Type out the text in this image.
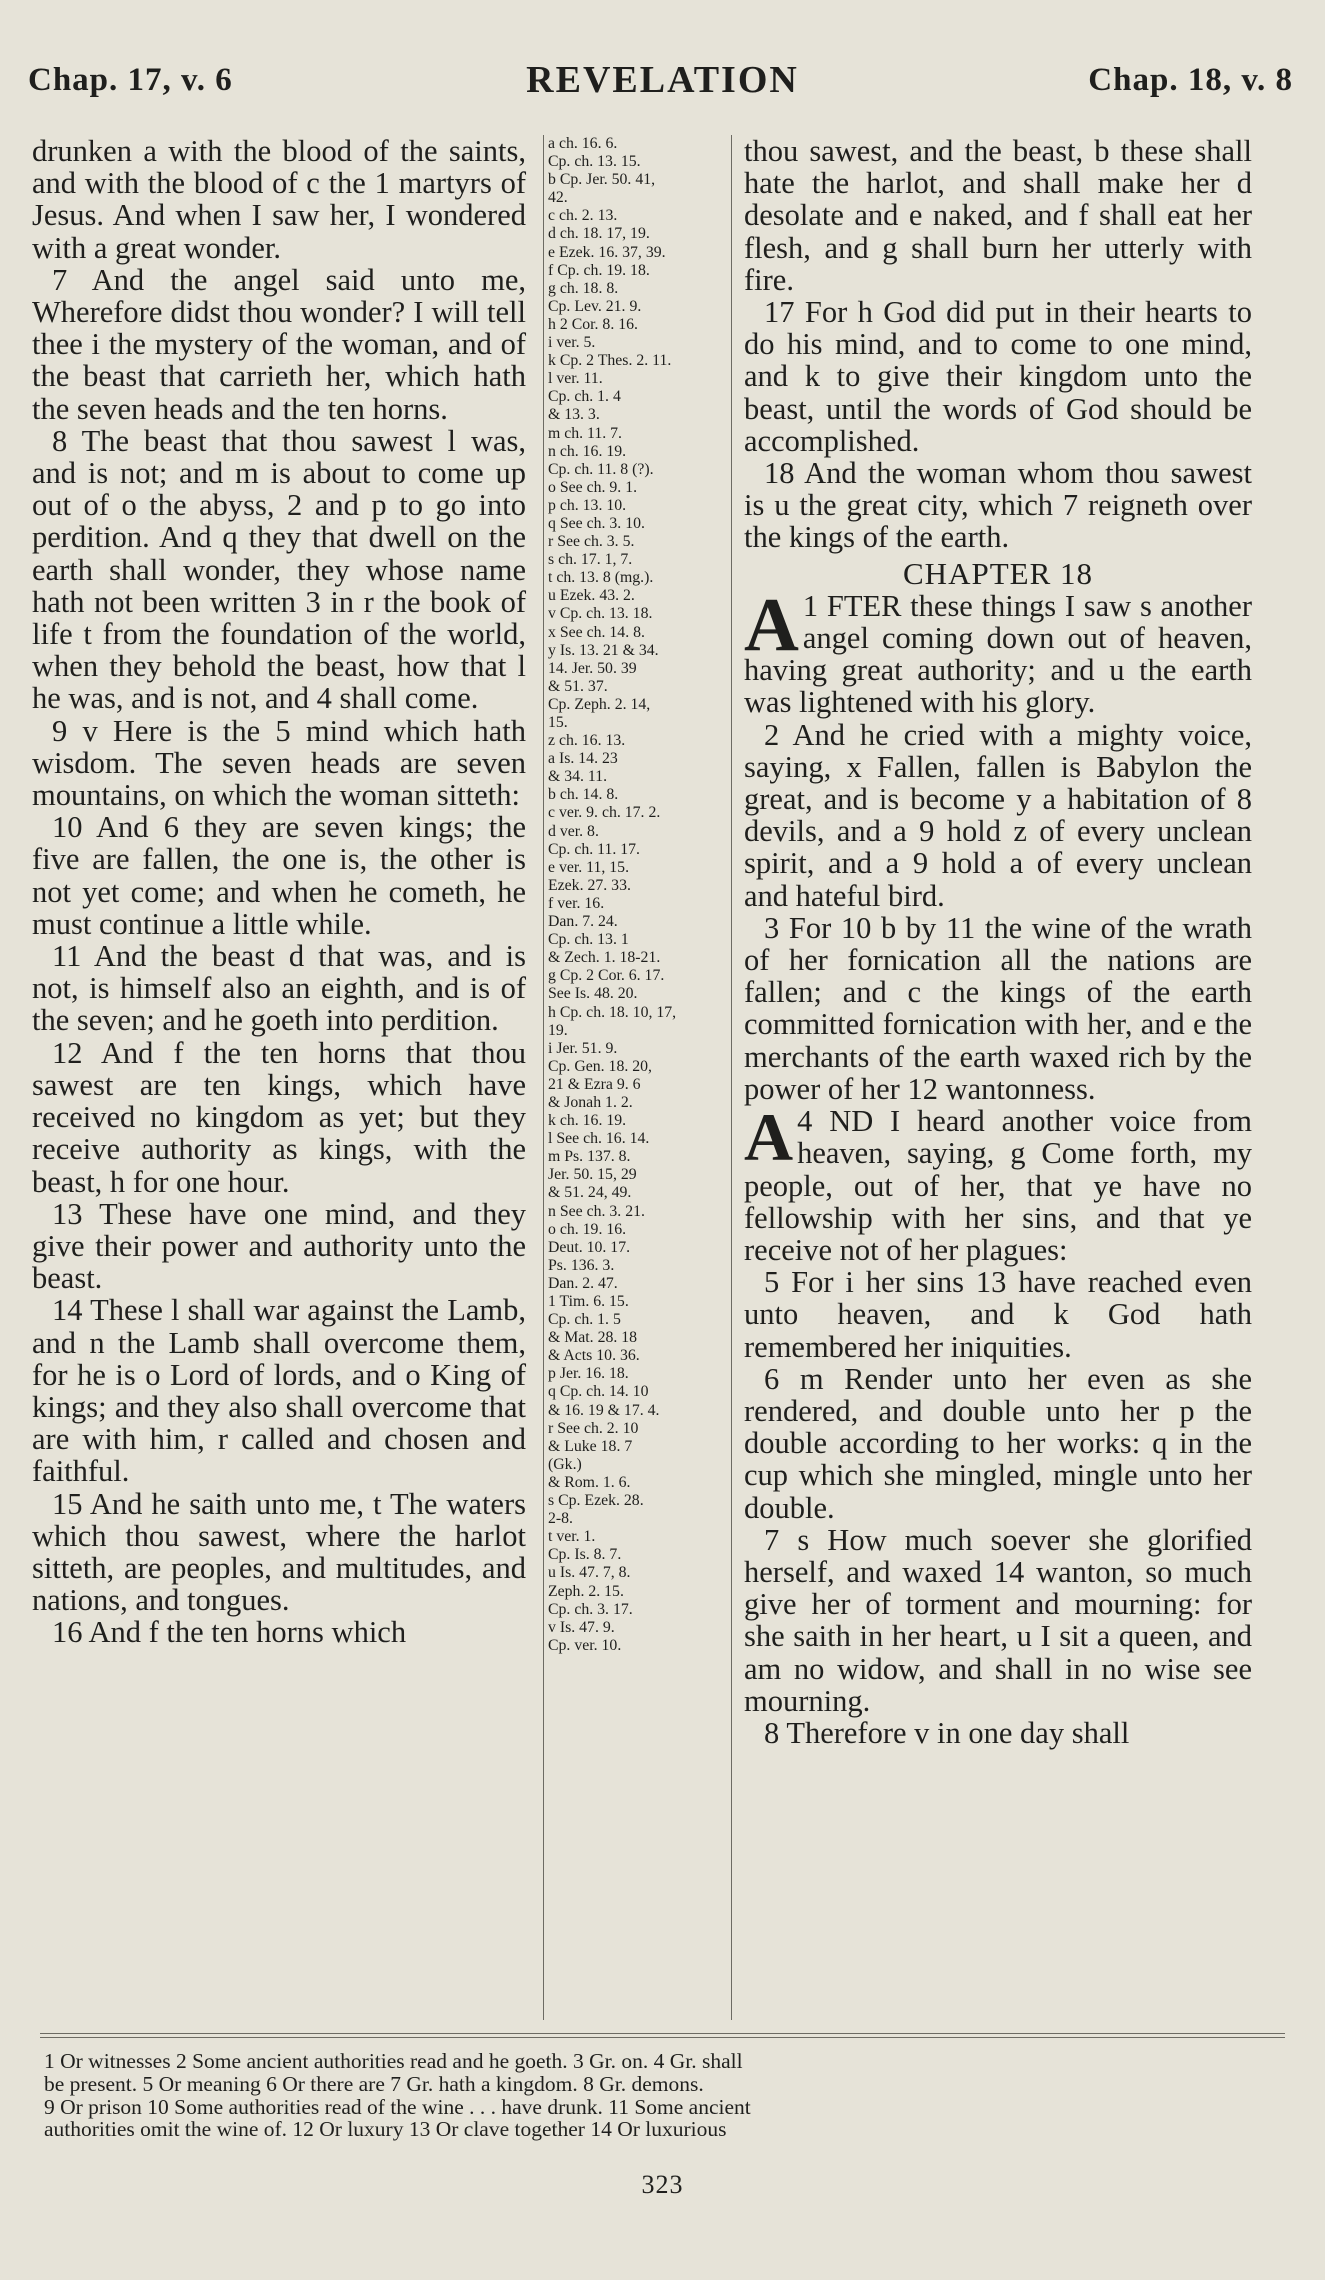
Chap. 17, v. 6	REVELATION	Chap. 18, v. 8

drunken a with the blood of the saints, and with the blood of c the 1 martyrs of Jesus. And when I saw her, I wondered with a great wonder.

7 And the angel said unto me, Wherefore didst thou wonder? I will tell thee i the mystery of the woman, and of the beast that carrieth her, which hath the seven heads and the ten horns.

8 The beast that thou sawest l was, and is not; and m is about to come up out of o the abyss, 2 and p to go into perdition. And q they that dwell on the earth shall wonder, they whose name hath not been written 3 in r the book of life t from the foundation of the world, when they behold the beast, how that l he was, and is not, and 4 shall come.

9 v Here is the 5 mind which hath wisdom. The seven heads are seven mountains, on which the woman sitteth:

10 And 6 they are seven kings; the five are fallen, the one is, the other is not yet come; and when he cometh, he must continue a little while.

11 And the beast d that was, and is not, is himself also an eighth, and is of the seven; and he goeth into perdition.

12 And f the ten horns that thou sawest are ten kings, which have received no kingdom as yet; but they receive authority as kings, with the beast, h for one hour.

13 These have one mind, and they give their power and authority unto the beast.

14 These l shall war against the Lamb, and n the Lamb shall overcome them, for he is o Lord of lords, and o King of kings; and they also shall overcome that are with him, r called and chosen and faithful.

15 And he saith unto me, t The waters which thou sawest, where the harlot sitteth, are peoples, and multitudes, and nations, and tongues.

16 And f the ten horns which

a ch. 16. 6.
Cp. ch. 13. 15.
b Cp. Jer. 50. 41,
42.
c ch. 2. 13.
d ch. 18. 17, 19.
e Ezek. 16. 37, 39.
f Cp. ch. 19. 18.
g ch. 18. 8.
Cp. Lev. 21. 9.
h 2 Cor. 8. 16.
i ver. 5.
k Cp. 2 Thes. 2. 11.
l ver. 11.
Cp. ch. 1. 4
& 13. 3.
m ch. 11. 7.
n ch. 16. 19.
Cp. ch. 11. 8 (?).
o See ch. 9. 1.
p ch. 13. 10.
q See ch. 3. 10.
r See ch. 3. 5.
s ch. 17. 1, 7.
t ch. 13. 8 (mg.).
u Ezek. 43. 2.
v Cp. ch. 13. 18.
x See ch. 14. 8.
y Is. 13. 21 & 34.
14. Jer. 50. 39
& 51. 37.
Cp. Zeph. 2. 14,
15.
z ch. 16. 13.
a Is. 14. 23
& 34. 11.
b ch. 14. 8.
c ver. 9. ch. 17. 2.
d ver. 8.
Cp. ch. 11. 17.
e ver. 11, 15.
Ezek. 27. 33.
f ver. 16.
Dan. 7. 24.
Cp. ch. 13. 1
& Zech. 1. 18-21.
g Cp. 2 Cor. 6. 17.
See Is. 48. 20.
h Cp. ch. 18. 10, 17,
19.
i Jer. 51. 9.
Cp. Gen. 18. 20,
21 & Ezra 9. 6
& Jonah 1. 2.
k ch. 16. 19.
l See ch. 16. 14.
m Ps. 137. 8.
Jer. 50. 15, 29
& 51. 24, 49.
n See ch. 3. 21.
o ch. 19. 16.
Deut. 10. 17.
Ps. 136. 3.
Dan. 2. 47.
1 Tim. 6. 15.
Cp. ch. 1. 5
& Mat. 28. 18
& Acts 10. 36.
p Jer. 16. 18.
q Cp. ch. 14. 10
& 16. 19 & 17. 4.
r See ch. 2. 10
& Luke 18. 7
(Gk.)
& Rom. 1. 6.
s Cp. Ezek. 28.
2-8.
t ver. 1.
Cp. Is. 8. 7.
u Is. 47. 7, 8.
Zeph. 2. 15.
Cp. ch. 3. 17.
v Is. 47. 9.
Cp. ver. 10.

thou sawest, and the beast, b these shall hate the harlot, and shall make her d desolate and e naked, and f shall eat her flesh, and g shall burn her utterly with fire.

17 For h God did put in their hearts to do his mind, and to come to one mind, and k to give their kingdom unto the beast, until the words of God should be accomplished.

18 And the woman whom thou sawest is u the great city, which 7 reigneth over the kings of the earth.

CHAPTER 18

1
A FTER these things I saw s another angel coming down out of heaven, having great authority; and u the earth was lightened with his glory.

2 And he cried with a mighty voice, saying, x Fallen, fallen is Babylon the great, and is become y a habitation of 8 devils, and a 9 hold z of every unclean spirit, and a 9 hold a of every unclean and hateful bird.

3 For 10 b by 11 the wine of the wrath of her fornication all the nations are fallen; and c the kings of the earth committed fornication with her, and e the merchants of the earth waxed rich by the power of her 12 wantonness.

4
A ND I heard another voice from heaven, saying, g Come forth, my people, out of her, that ye have no fellowship with her sins, and that ye receive not of her plagues:

5 For i her sins 13 have reached even unto heaven, and k God hath remembered her iniquities.

6 m Render unto her even as she rendered, and double unto her p the double according to her works: q in the cup which she mingled, mingle unto her double.

7 s How much soever she glorified herself, and waxed 14 wanton, so much give her of torment and mourning: for she saith in her heart, u I sit a queen, and am no widow, and shall in no wise see mourning.

8 Therefore v in one day shall

1 Or witnesses 2 Some ancient authorities read and he goeth. 3 Gr. on. 4 Gr. shall
be present. 5 Or meaning 6 Or there are 7 Gr. hath a kingdom. 8 Gr. demons.
9 Or prison 10 Some authorities read of the wine . . . have drunk. 11 Some ancient
authorities omit the wine of. 12 Or luxury 13 Or clave together 14 Or luxurious
323
